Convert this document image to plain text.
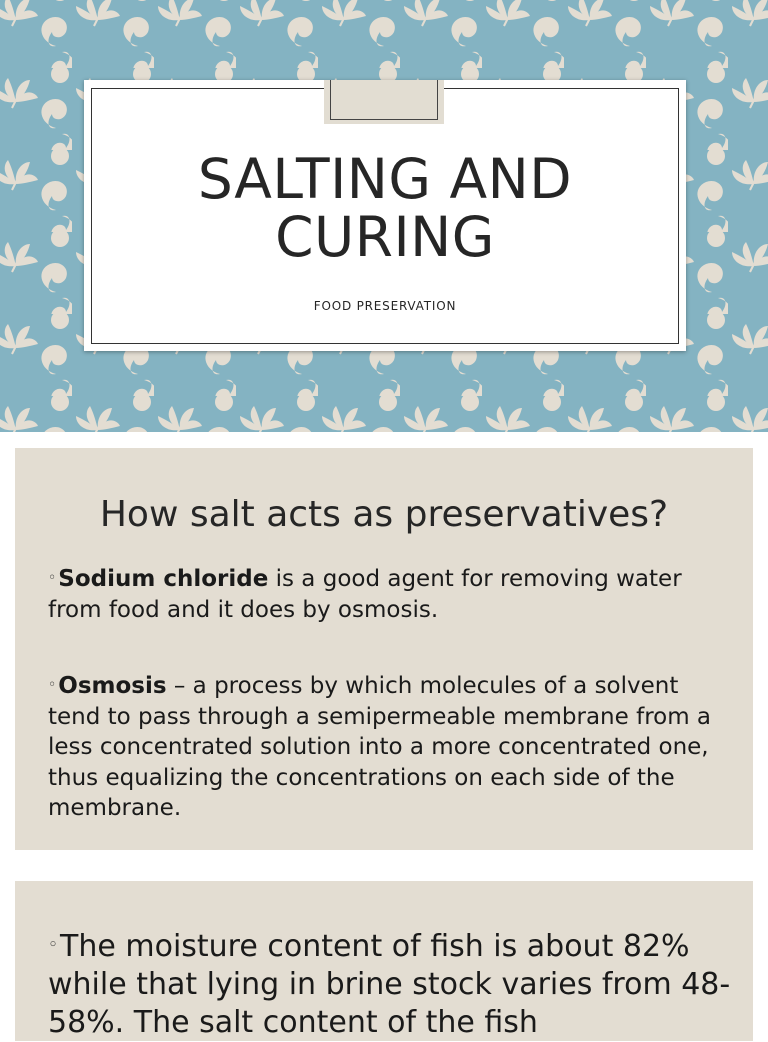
SALTING AND
CURING
FOOD PRESERVATION
How salt acts as preservatives?
◦Sodium chloride is a good agent for removing water from food and it does by osmosis.
◦Osmosis – a process by which molecules of a solvent tend to pass through a semipermeable membrane from a less concentrated solution into a more concentrated one, thus equalizing the concentrations on each side of the membrane.
◦The moisture content of fish is about 82% while that lying in brine stock varies from 48- 58%. The salt content of the fish
